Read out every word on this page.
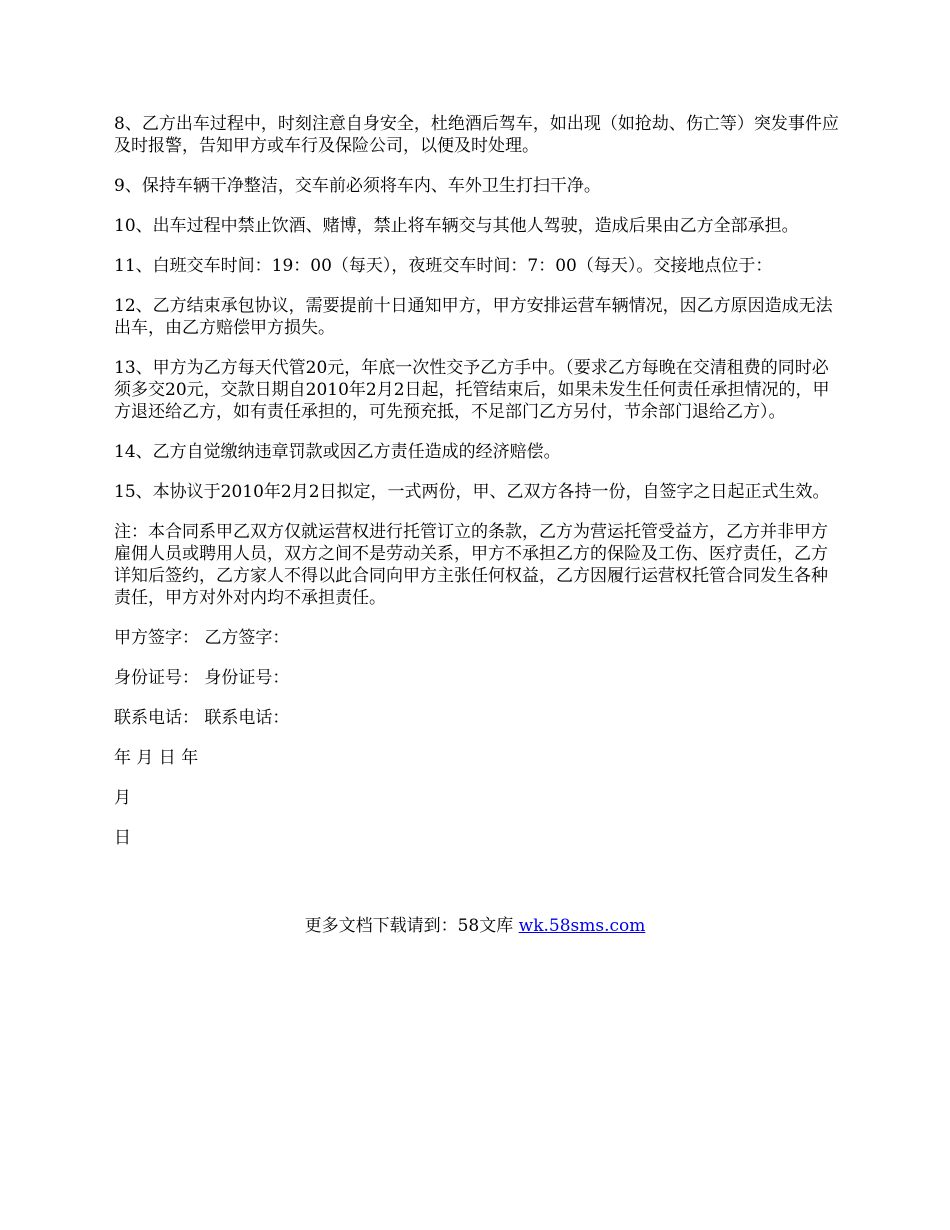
8、乙方出车过程中，时刻注意自身安全，杜绝酒后驾车，如出现（如抢劫、伤亡等）突发事件应及时报警，告知甲方或车行及保险公司，以便及时处理。

9、保持车辆干净整洁，交车前必须将车内、车外卫生打扫干净。

10、出车过程中禁止饮酒、赌博，禁止将车辆交与其他人驾驶，造成后果由乙方全部承担。

11、白班交车时间：19：00（每天），夜班交车时间：7：00（每天）。交接地点位于：

12、乙方结束承包协议，需要提前十日通知甲方，甲方安排运营车辆情况，因乙方原因造成无法出车，由乙方赔偿甲方损失。

13、甲方为乙方每天代管20元，年底一次性交予乙方手中。（要求乙方每晚在交清租费的同时必须多交20元，交款日期自2010年2月2日起，托管结束后，如果未发生任何责任承担情况的，甲方退还给乙方，如有责任承担的，可先预充抵，不足部门乙方另付，节余部门退给乙方）。

14、乙方自觉缴纳违章罚款或因乙方责任造成的经济赔偿。

15、本协议于2010年2月2日拟定，一式两份，甲、乙双方各持一份，自签字之日起正式生效。

注：本合同系甲乙双方仅就运营权进行托管订立的条款，乙方为营运托管受益方，乙方并非甲方雇佣人员或聘用人员，双方之间不是劳动关系，甲方不承担乙方的保险及工伤、医疗责任，乙方详知后签约，乙方家人不得以此合同向甲方主张任何权益，乙方因履行运营权托管合同发生各种责任，甲方对外对内均不承担责任。

甲方签字： 乙方签字：

身份证号： 身份证号：

联系电话： 联系电话：

年 月 日 年

月

日

更多文档下载请到：58文库 wk.58sms.com
